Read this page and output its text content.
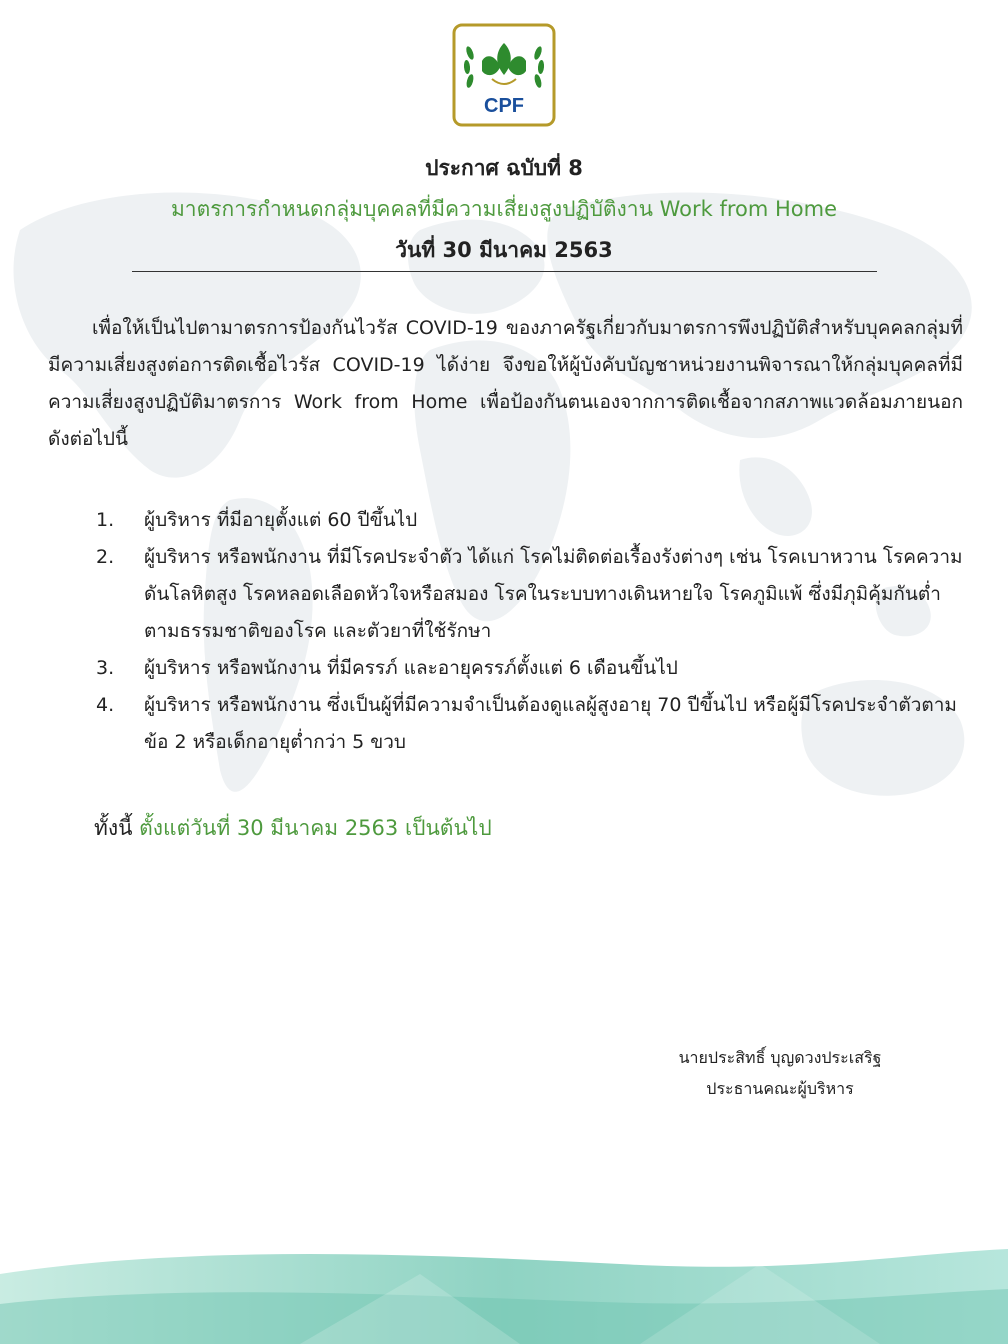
CPF
ประกาศ ฉบับที่ 8
มาตรการกำหนดกลุ่มบุคคลที่มีความเสี่ยงสูงปฏิบัติงาน Work from Home
วันที่ 30 มีนาคม 2563

เพื่อให้เป็นไปตามาตรการป้องกันไวรัส COVID-19 ของภาครัฐเกี่ยวกับมาตรการพึงปฏิบัติสำหรับบุคคลกลุ่มที่มีความเสี่ยงสูงต่อการติดเชื้อไวรัส COVID-19 ได้ง่าย จึงขอให้ผู้บังคับบัญชาหน่วยงานพิจารณาให้กลุ่มบุคคลที่มีความเสี่ยงสูงปฏิบัติมาตรการ Work from Home เพื่อป้องกันตนเองจากการติดเชื้อจากสภาพแวดล้อมภายนอก ดังต่อไปนี้

1. ผู้บริหาร ที่มีอายุตั้งแต่ 60 ปีขึ้นไป
2. ผู้บริหาร หรือพนักงาน ที่มีโรคประจำตัว ได้แก่ โรคไม่ติดต่อเรื้องรังต่างๆ เช่น โรคเบาหวาน โรคความดันโลหิตสูง โรคหลอดเลือดหัวใจหรือสมอง โรคในระบบทางเดินหายใจ โรคภูมิแพ้ ซึ่งมีภุมิคุ้มกันต่ำตามธรรมชาติของโรค และตัวยาที่ใช้รักษา
3. ผู้บริหาร หรือพนักงาน ที่มีครรภ์ และอายุครรภ์ตั้งแต่ 6 เดือนขึ้นไป
4. ผู้บริหาร หรือพนักงาน ซึ่งเป็นผู้ที่มีความจำเป็นต้องดูแลผู้สูงอายุ 70 ปีขึ้นไป หรือผู้มีโรคประจำตัวตามข้อ 2 หรือเด็กอายุต่ำกว่า 5 ขวบ
ทั้งนี้ ตั้งแต่วันที่ 30 มีนาคม 2563 เป็นต้นไป
นายประสิทธิ์ บุญดวงประเสริฐ
ประธานคณะผู้บริหาร
